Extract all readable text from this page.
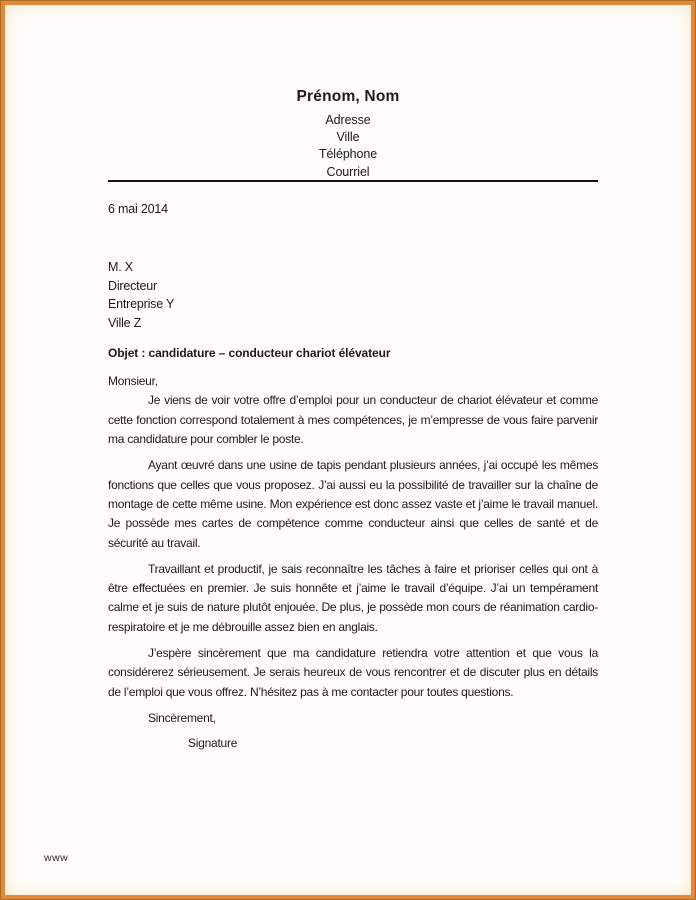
Prénom, Nom
Adresse
Ville
Téléphone
Courriel
6 mai 2014
M. X
Directeur
Entreprise Y
Ville Z
Objet : candidature – conducteur chariot élévateur
Monsieur,

Je viens de voir votre offre d’emploi pour un conducteur de chariot élévateur et comme cette fonction correspond totalement à mes compétences, je m’empresse de vous faire parvenir ma candidature pour combler le poste.

Ayant œuvré dans une usine de tapis pendant plusieurs années, j’ai occupé les mêmes fonctions que celles que vous proposez. J’ai aussi eu la possibilité de travailler sur la chaîne de montage de cette même usine. Mon expérience est donc assez vaste et j’aime le travail manuel. Je possède mes cartes de compétence comme conducteur ainsi que celles de santé et de sécurité au travail.

Travaillant et productif, je sais reconnaître les tâches à faire et prioriser celles qui ont à être effectuées en premier. Je suis honnête et j’aime le travail d’équipe. J’ai un tempérament calme et je suis de nature plutôt enjouée. De plus, je possède mon cours de réanimation cardio-respiratoire et je me débrouille assez bien en anglais.

J’espère sincèrement que ma candidature retiendra votre attention et que vous la considérerez sérieusement. Je serais heureux de vous rencontrer et de discuter plus en détails de l’emploi que vous offrez. N’hésitez pas à me contacter pour toutes questions.

Sincèrement,
Signature
www
